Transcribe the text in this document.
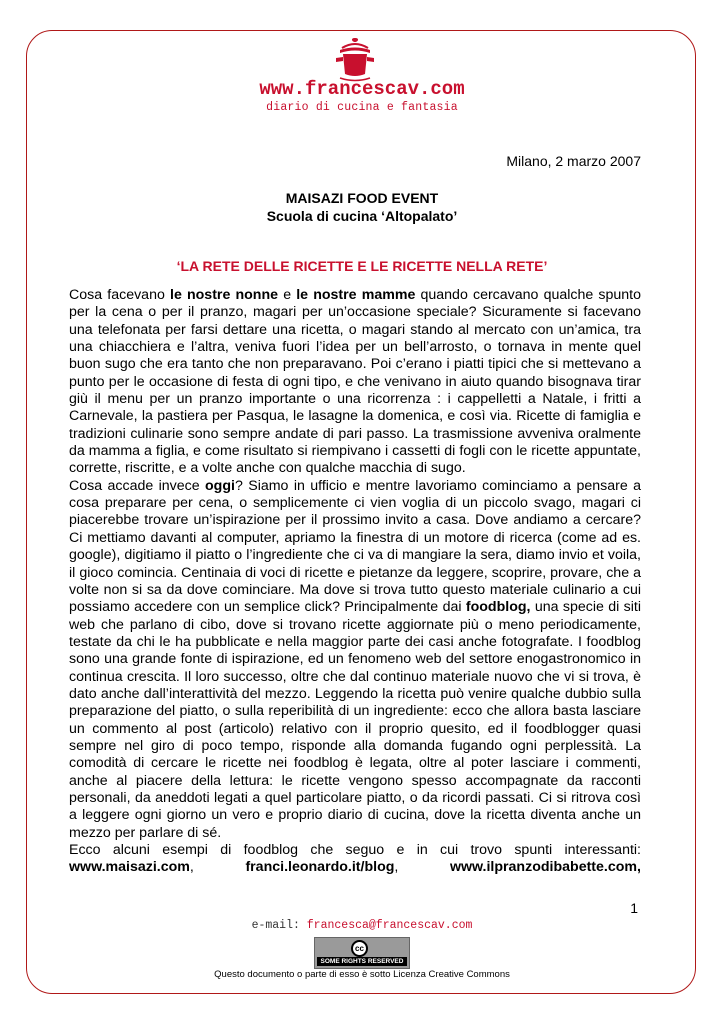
www.francescav.com
diario di cucina e fantasia
Milano, 2 marzo 2007
MAISAZI FOOD EVENT
Scuola di cucina ‘Altopalato’
‘LA RETE DELLE RICETTE E LE RICETTE NELLA RETE’

Cosa facevano le nostre nonne e le nostre mamme quando cercavano qualche spunto per la cena o per il pranzo, magari per un’occasione speciale? Sicuramente si facevano una telefonata per farsi dettare una ricetta, o magari stando al mercato con un’amica, tra una chiacchiera e l’altra, veniva fuori l’idea per un bell’arrosto, o tornava in mente quel buon sugo che era tanto che non preparavano. Poi c’erano i piatti tipici che si mettevano a punto per le occasione di festa di ogni tipo, e che venivano in aiuto quando bisognava tirar giù il menu per un pranzo importante o una ricorrenza : i cappelletti a Natale, i fritti a Carnevale, la pastiera per Pasqua, le lasagne la domenica, e così via. Ricette di famiglia e tradizioni culinarie sono sempre andate di pari passo. La trasmissione avveniva oralmente da mamma a figlia, e come risultato si riempivano i cassetti di fogli con le ricette appuntate, corrette, riscritte, e a volte anche con qualche macchia di sugo.

Cosa accade invece oggi? Siamo in ufficio e mentre lavoriamo cominciamo a pensare a cosa preparare per cena, o semplicemente ci vien voglia di un piccolo svago, magari ci piacerebbe trovare un’ispirazione per il prossimo invito a casa. Dove andiamo a cercare? Ci mettiamo davanti al computer, apriamo la finestra di un motore di ricerca (come ad es. google), digitiamo il piatto o l’ingrediente che ci va di mangiare la sera, diamo invio et voila, il gioco comincia. Centinaia di voci di ricette e pietanze da leggere, scoprire, provare, che a volte non si sa da dove cominciare. Ma dove si trova tutto questo materiale culinario a cui possiamo accedere con un semplice click? Principalmente dai foodblog, una specie di siti web che parlano di cibo, dove si trovano ricette aggiornate più o meno periodicamente, testate da chi le ha pubblicate e nella maggior parte dei casi anche fotografate. I foodblog sono una grande fonte di ispirazione, ed un fenomeno web del settore enogastronomico in continua crescita. Il loro successo, oltre che dal continuo materiale nuovo che vi si trova, è dato anche dall’interattività del mezzo. Leggendo la ricetta può venire qualche dubbio sulla preparazione del piatto, o sulla reperibilità di un ingrediente: ecco che allora basta lasciare un commento al post (articolo) relativo con il proprio quesito, ed il foodblogger quasi sempre nel giro di poco tempo, risponde alla domanda fugando ogni perplessità. La comodità di cercare le ricette nei foodblog è legata, oltre al poter lasciare i commenti, anche al piacere della lettura: le ricette vengono spesso accompagnate da racconti personali, da aneddoti legati a quel particolare piatto, o da ricordi passati. Ci si ritrova così a leggere ogni giorno un vero e proprio diario di cucina, dove la ricetta diventa anche un mezzo per parlare di sé.

Ecco alcuni esempi di foodblog che seguo e in cui trovo spunti interessanti: www.maisazi.com,	franci.leonardo.it/blog,	www.ilpranzodibabette.com,

1
e-mail: francesca@francescav.com
cc
SOME RIGHTS RESERVED
Questo documento o parte di esso è sotto Licenza Creative Commons
